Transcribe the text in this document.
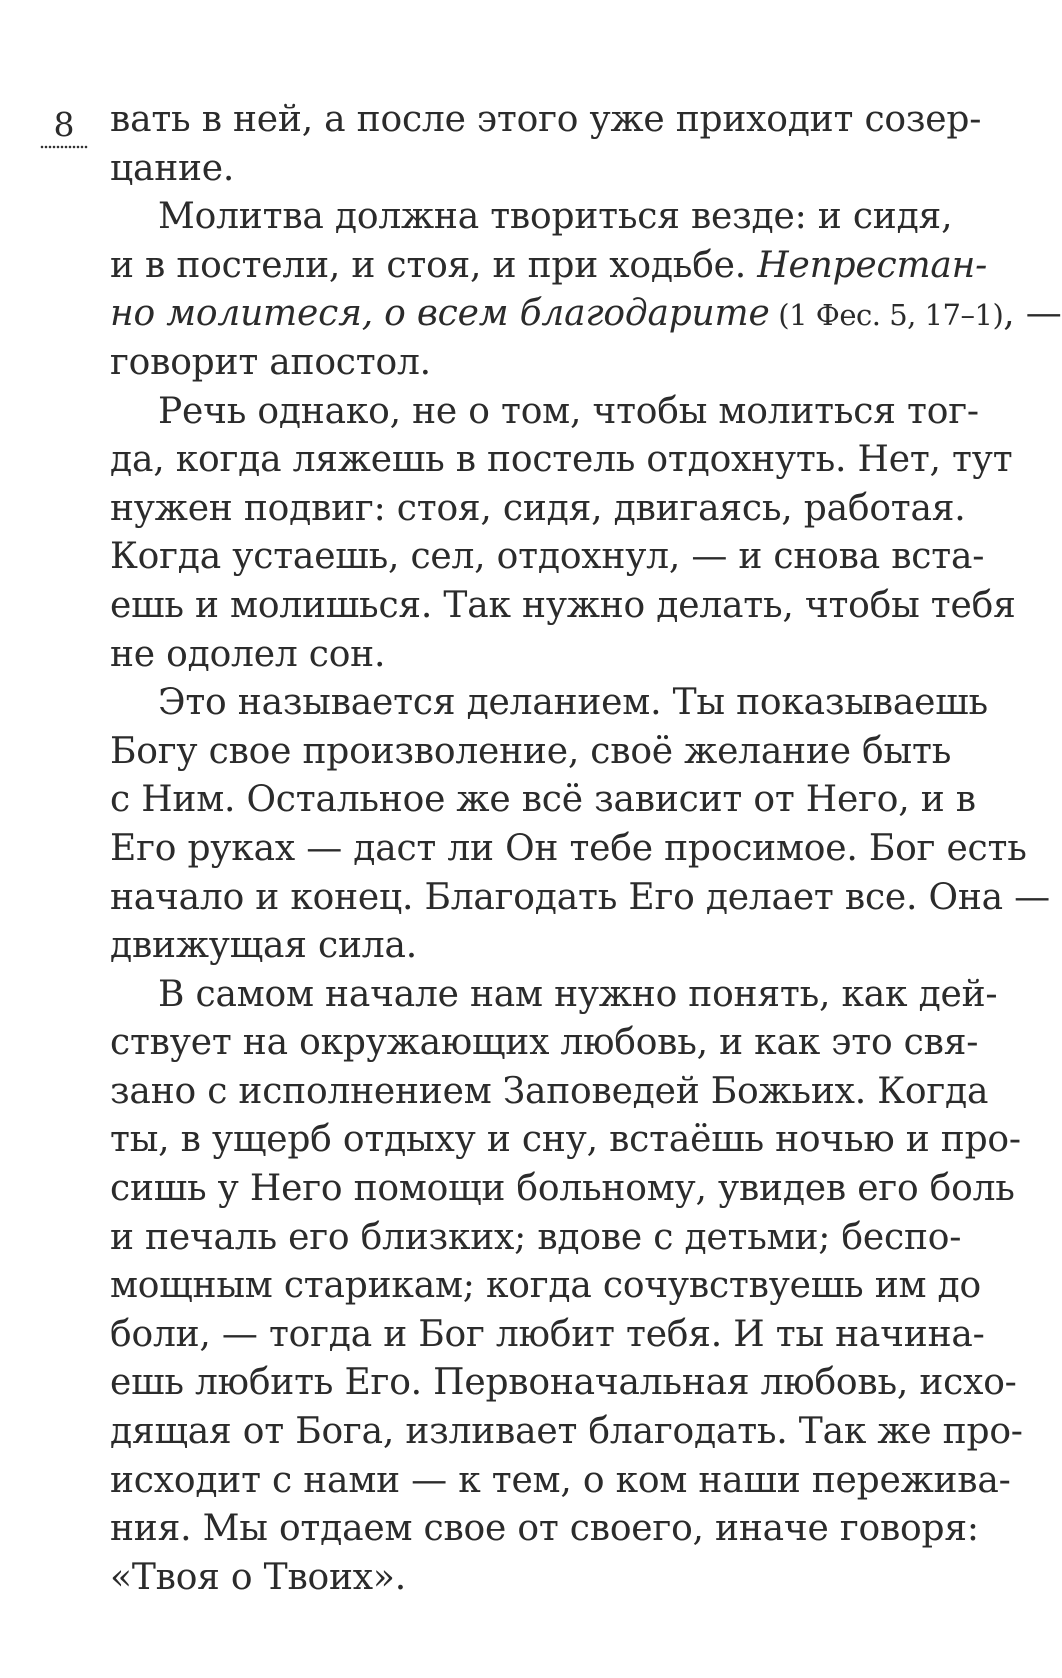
8 вать в ней, а после этого уже приходит созер-
цание.
Молитва должна твориться везде: и сидя,
и в постели, и стоя, и при ходьбе. Непрестан-
но молитеся, о всем благодарите (1 Фес. 5, 17–1), —
говорит апостол.
Речь однако, не о том, чтобы молиться тог-
да, когда ляжешь в постель отдохнуть. Нет, тут
нужен подвиг: стоя, сидя, двигаясь, работая.
Когда устаешь, сел, отдохнул, — и снова вста-
ешь и молишься. Так нужно делать, чтобы тебя
не одолел сон.
Это называется деланием. Ты показываешь
Богу свое произволение, своё желание быть
с Ним. Остальное же всё зависит от Него, и в
Его руках — даст ли Он тебе просимое. Бог есть
начало и конец. Благодать Его делает все. Она —
движущая сила.
В самом начале нам нужно понять, как дей-
ствует на окружающих любовь, и как это свя-
зано с исполнением Заповедей Божьих. Когда
ты, в ущерб отдыху и сну, встаёшь ночью и про-
сишь у Него помощи больному, увидев его боль
и печаль его близких; вдове с детьми; беспо-
мощным старикам; когда сочувствуешь им до
боли, — тогда и Бог любит тебя. И ты начина-
ешь любить Его. Первоначальная любовь, исхо-
дящая от Бога, изливает благодать. Так же про-
исходит с нами — к тем, о ком наши пережива-
ния. Мы отдаем свое от своего, иначе говоря:
«Твоя о Твоих».
